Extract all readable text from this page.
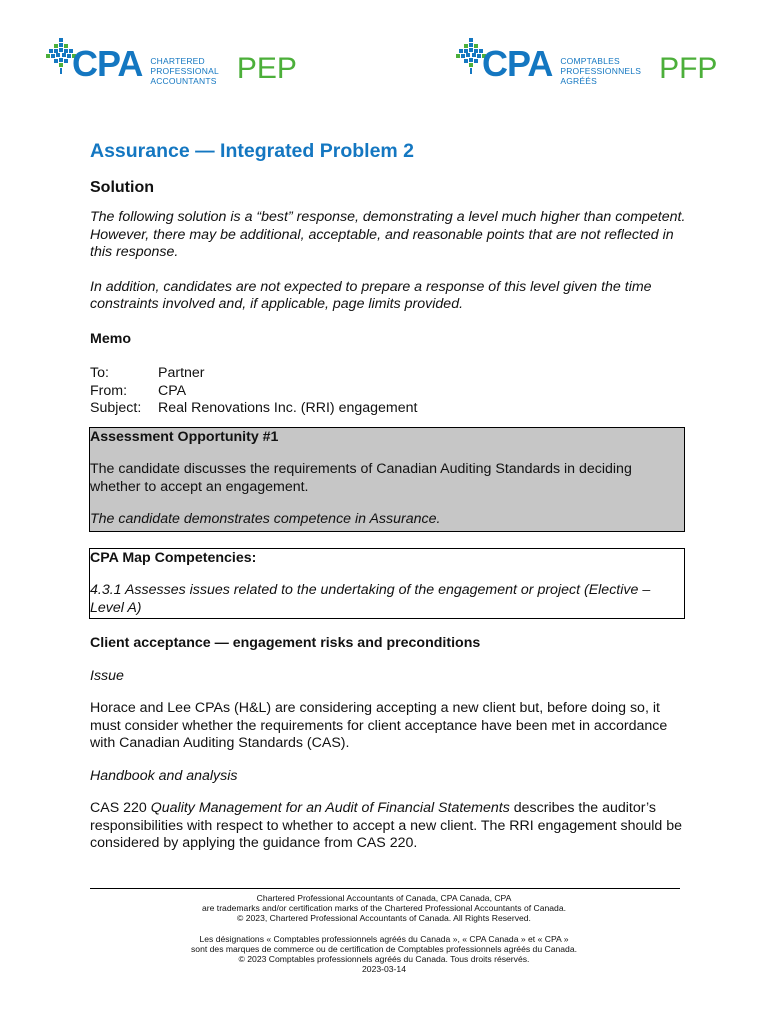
CPA CHARTERED
PROFESSIONAL
ACCOUNTANTS PEP	CPA COMPTABLES
PROFESSIONNELS
AGRÉÉS	PFP
Assurance — Integrated Problem 2
Solution

The following solution is a “best” response, demonstrating a level much higher than competent. However, there may be additional, acceptable, and reasonable points that are not reflected in this response.

In addition, candidates are not expected to prepare a response of this level given the time constraints involved and, if applicable, page limits provided.

Memo
To:	Partner
From:	CPA
Subject:	Real Renovations Inc. (RRI) engagement

Assessment Opportunity #1

The candidate discusses the requirements of Canadian Auditing Standards in deciding whether to accept an engagement.

The candidate demonstrates competence in Assurance.

CPA Map Competencies:

4.3.1 Assesses issues related to the undertaking of the engagement or project (Elective – Level A)

Client acceptance — engagement risks and preconditions

Issue

Horace and Lee CPAs (H&L) are considering accepting a new client but, before doing so, it must consider whether the requirements for client acceptance have been met in accordance with Canadian Auditing Standards (CAS).

Handbook and analysis

CAS 220 Quality Management for an Audit of Financial Statements describes the auditor’s responsibilities with respect to whether to accept a new client. The RRI engagement should be considered by applying the guidance from CAS 220.

Chartered Professional Accountants of Canada, CPA Canada, CPA

are trademarks and/or certification marks of the Chartered Professional Accountants of Canada.

© 2023, Chartered Professional Accountants of Canada. All Rights Reserved.

Les désignations « Comptables professionnels agréés du Canada », « CPA Canada » et « CPA »

sont des marques de commerce ou de certification de Comptables professionnels agréés du Canada.

© 2023 Comptables professionnels agréés du Canada. Tous droits réservés.

2023-03-14
